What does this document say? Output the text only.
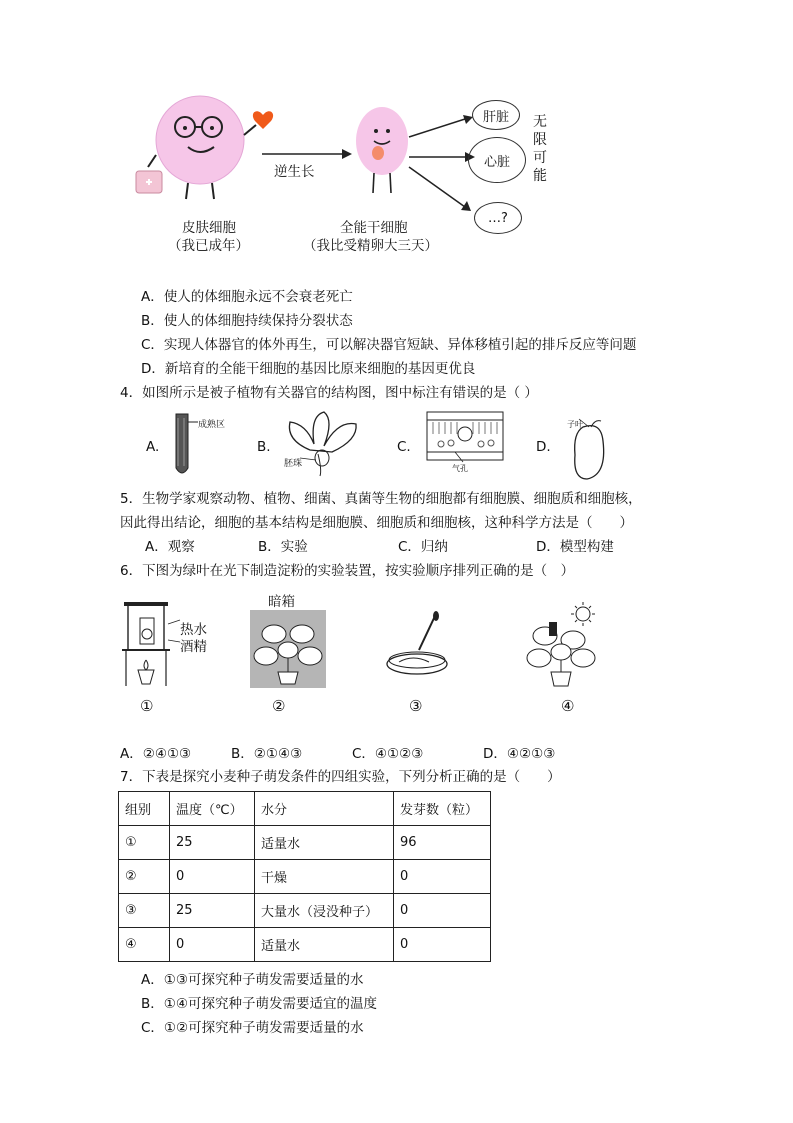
逆生长
肝脏
心脏
…?
无
限
可
能
皮肤细胞
（我已成年）
全能干细胞
（我比受精卵大三天）
A．使人的体细胞永远不会衰老死亡
B．使人的体细胞持续保持分裂状态
C．实现人体器官的体外再生，可以解决器官短缺、异体移植引起的排斥反应等问题
D．新培育的全能干细胞的基因比原来细胞的基因更优良
4．如图所示是被子植物有关器官的结构图，图中标注有错误的是（ ）
A.
成熟区
B.
胚珠
C.
气孔
D.
子叶
5．生物学家观察动物、植物、细菌、真菌等生物的细胞都有细胞膜、细胞质和细胞核，
因此得出结论，细胞的基本结构是细胞膜、细胞质和细胞核，这种科学方法是（　　）
A．观察	B．实验	C．归纳	D．模型构建
6．下图为绿叶在光下制造淀粉的实验装置，按实验顺序排列正确的是（　）
热水
酒精
暗箱
①	②	③	④
A．②④①③	B．②①④③	C．④①②③	D．④②①③
7．下表是探究小麦种子萌发条件的四组实验，下列分析正确的是（　　）
组别	温度（℃）	水分	发芽数（粒）
①	25	适量水	96
②	0	干燥	0
③	25	大量水（浸没种子）	0
④	0	适量水	0
A．①③可探究种子萌发需要适量的水
B．①④可探究种子萌发需要适宜的温度
C．①②可探究种子萌发需要适量的水
